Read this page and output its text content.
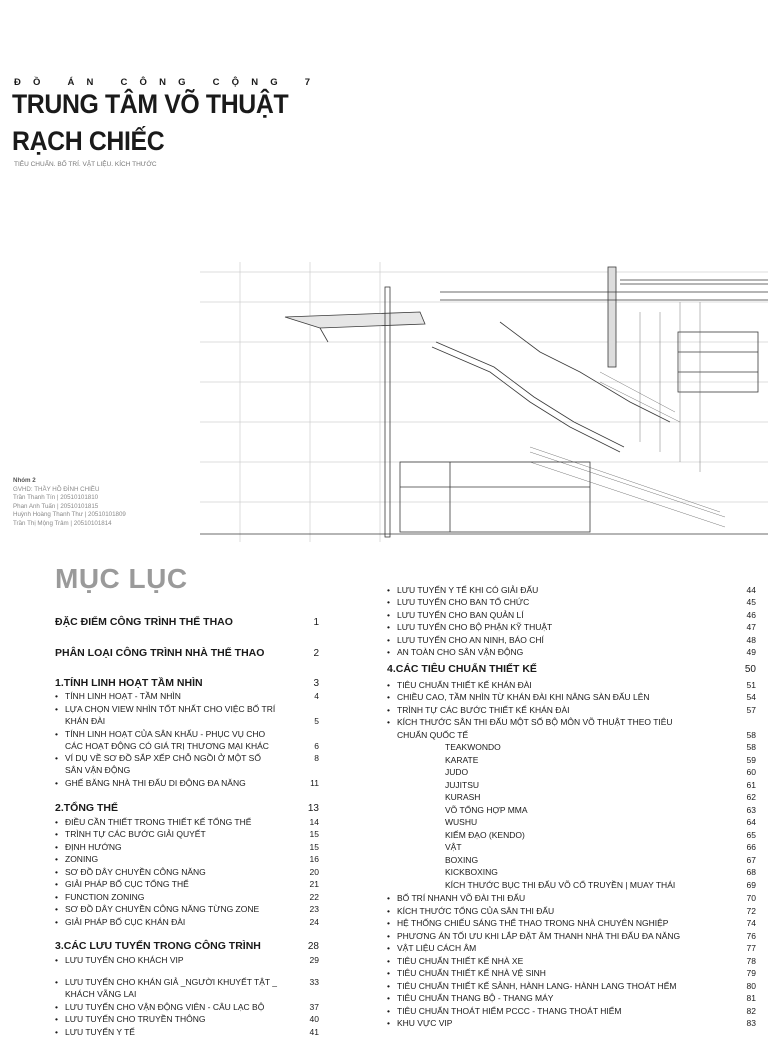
ĐỒ ÁN CÔNG CỘNG 7
TRUNG TÂM VÕ THUẬT
RẠCH CHIẾC
TIÊU CHUẨN. BỐ TRÍ. VẬT LIỆU. KÍCH THƯỚC
Nhóm 2
GVHD: THẦY HỒ ĐÌNH CHIỀU
Trần Thanh Tín | 20510101810
Phan Anh Tuấn | 20510101815
Huỳnh Hoàng Thanh Thư | 20510101809
Trần Thị Mộng Trâm | 20510101814
MỤC LỤC
ĐẶC ĐIỂM CÔNG TRÌNH THỂ THAO	1
PHÂN LOẠI CÔNG TRÌNH NHÀ THỂ THAO	2
1.TÍNH LINH HOẠT TẦM NHÌN	3
• TÍNH LINH HOẠT - TẦM NHÌN	4
• LỰA CHỌN VIEW NHÌN TỐT NHẤT CHO VIỆC BỐ TRÍ
KHÁN ĐÀI	5
• TÍNH LINH HOẠT CỦA SÂN KHẤU - PHỤC VỤ CHO
CÁC HOẠT ĐỘNG CÓ GIÁ TRỊ THƯƠNG MẠI KHÁC	6
• VÍ DỤ VỀ SƠ ĐỒ SẮP XẾP CHỖ NGỒI Ở MỘT SỐ	8
SÂN VẬN ĐỘNG
• GHẾ BĂNG NHÀ THI ĐẤU DI ĐỘNG ĐA NĂNG	11
2.TỔNG THỂ	13
• ĐIỀU CẦN THIẾT TRONG THIẾT KẾ TỔNG THỂ	14
• TRÌNH TỰ CÁC BƯỚC GIẢI QUYẾT	15
• ĐỊNH HƯỚNG	15
• ZONING	16
• SƠ ĐỒ DÂY CHUYỀN CÔNG NĂNG	20
• GIẢI PHÁP BỐ CỤC TỔNG THỂ	21
• FUNCTION ZONING	22
• SƠ ĐỒ DÂY CHUYỀN CÔNG NĂNG TỪNG ZONE	23
• GIẢI PHÁP BỐ CỤC KHÁN ĐÀI	24
3.CÁC LƯU TUYẾN TRONG CÔNG TRÌNH	28
• LƯU TUYẾN CHO KHÁCH VIP	29
• LƯU TUYẾN CHO KHÁN GIẢ _NGƯỜI KHUYẾT TẬT _	33
KHÁCH VÃNG LAI
• LƯU TUYẾN CHO VẬN ĐỘNG VIÊN - CÂU LẠC BỘ	37
• LƯU TUYẾN CHO TRUYỀN THÔNG	40
• LƯU TUYẾN Y TẾ	41
• LƯU TUYẾN Y TẾ KHI CÓ GIẢI ĐẤU	44
• LƯU TUYẾN CHO BAN TỔ CHỨC	45
• LƯU TUYẾN CHO BAN QUẢN LÍ	46
• LƯU TUYẾN CHO BỘ PHẬN KỸ THUẬT	47
• LƯU TUYẾN CHO AN NINH, BÁO CHÍ	48
• AN TOÀN CHO SÂN VẬN ĐỘNG	49
4.CÁC TIÊU CHUẨN THIẾT KẾ	50
• TIÊU CHUẨN THIẾT KẾ KHÁN ĐÀI	51
• CHIỀU CAO, TẦM NHÌN TỪ KHÁN ĐÀI KHI NÂNG SÀN ĐẤU LÊN	54
• TRÌNH TỰ CÁC BƯỚC THIẾT KẾ KHÁN ĐÀI	57
• KÍCH THƯỚC SÂN THI ĐẤU MỘT SỐ BỘ MÔN VÕ THUẬT THEO TIÊU
CHUẨN QUỐC TẾ	58
TEAKWONDO	58
KARATE	59
JUDO	60
JUJITSU	61
KURASH	62
VÕ TỔNG HỢP MMA	63
WUSHU	64
KIẾM ĐẠO (KENDO)	65
VẬT	66
BOXING	67
KICKBOXING	68
KÍCH THƯỚC BỤC THI ĐẤU VÕ CỔ TRUYỀN | MUAY THÁI	69
• BỐ TRÍ NHANH VÕ ĐÀI THI ĐẤU	70
• KÍCH THƯỚC TỔNG CỦA SÂN THI ĐẤU	72
• HỆ THỐNG CHIẾU SÁNG THỂ THAO TRONG NHÀ CHUYÊN NGHIỆP	74
• PHƯƠNG ÁN TỐI ƯU KHI LẮP ĐẶT ÂM THANH NHÀ THI ĐẤU ĐA NĂNG	76
• VẬT LIỆU CÁCH ÂM	77
• TIÊU CHUẨN THIẾT KẾ NHÀ XE	78
• TIÊU CHUẨN THIẾT KẾ NHÀ VỆ SINH	79
• TIÊU CHUẨN THIẾT KẾ SẢNH, HÀNH LANG- HÀNH LANG THOÁT HỂM	80
• TIÊU CHUẨN THANG BỘ - THANG MÁY	81
• TIÊU CHUẨN THOÁT HIỂM PCCC - THANG THOÁT HIỂM	82
• KHU VỰC VIP	83
